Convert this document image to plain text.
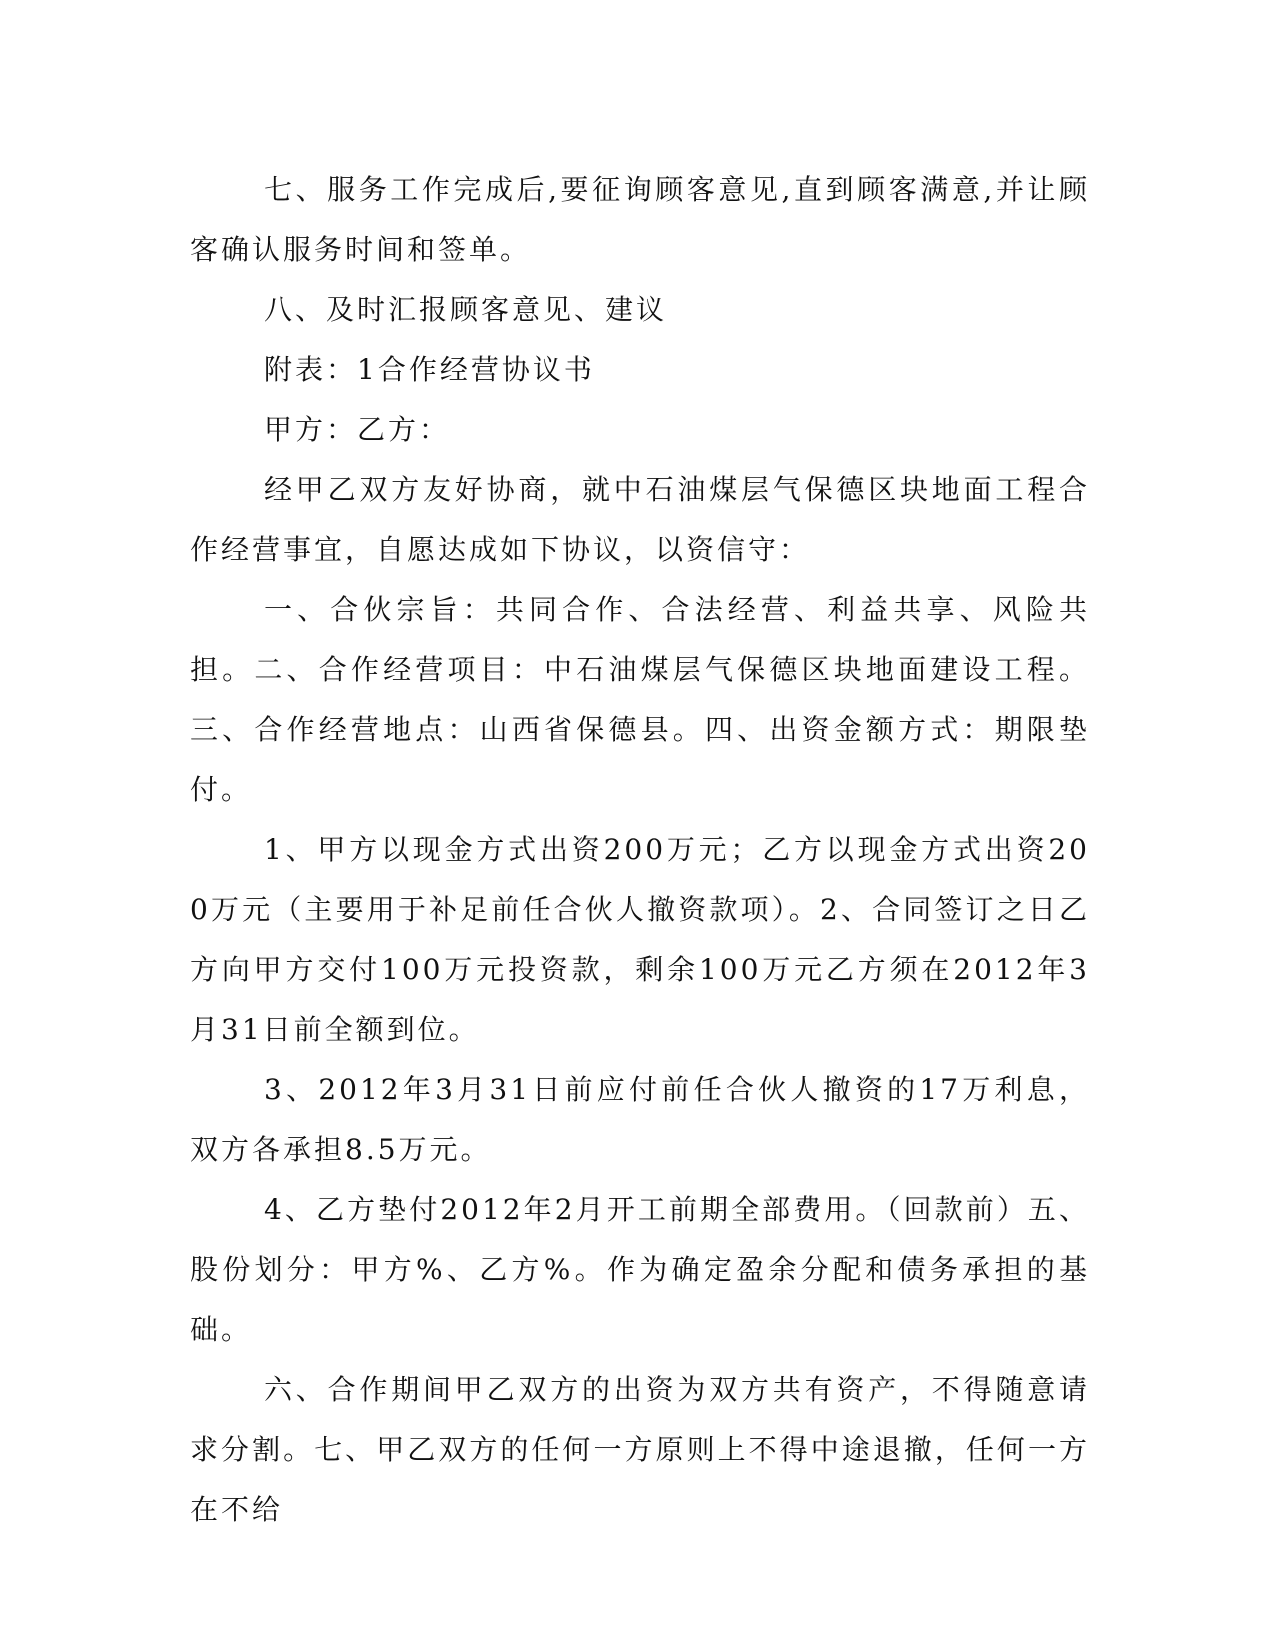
七、服务工作完成后,要征询顾客意见,直到顾客满意,并让顾客确认服务时间和签单。

八、及时汇报顾客意见、建议

附表：1合作经营协议书

甲方：乙方：

经甲乙双方友好协商，就中石油煤层气保德区块地面工程合作经营事宜，自愿达成如下协议，以资信守：

一、合伙宗旨：共同合作、合法经营、利益共享、风险共担。二、合作经营项目：中石油煤层气保德区块地面建设工程。三、合作经营地点：山西省保德县。四、出资金额方式：期限垫付。

1、甲方以现金方式出资200万元；乙方以现金方式出资200万元（主要用于补足前任合伙人撤资款项）。2、合同签订之日乙方向甲方交付100万元投资款，剩余100万元乙方须在2012年3月31日前全额到位。

3、2012年3月31日前应付前任合伙人撤资的17万利息，双方各承担8.5万元。

4、乙方垫付2012年2月开工前期全部费用。（回款前）五、股份划分：甲方%、乙方%。作为确定盈余分配和债务承担的基础。

六、合作期间甲乙双方的出资为双方共有资产，不得随意请求分割。七、甲乙双方的任何一方原则上不得中途退撤，任何一方在不给
